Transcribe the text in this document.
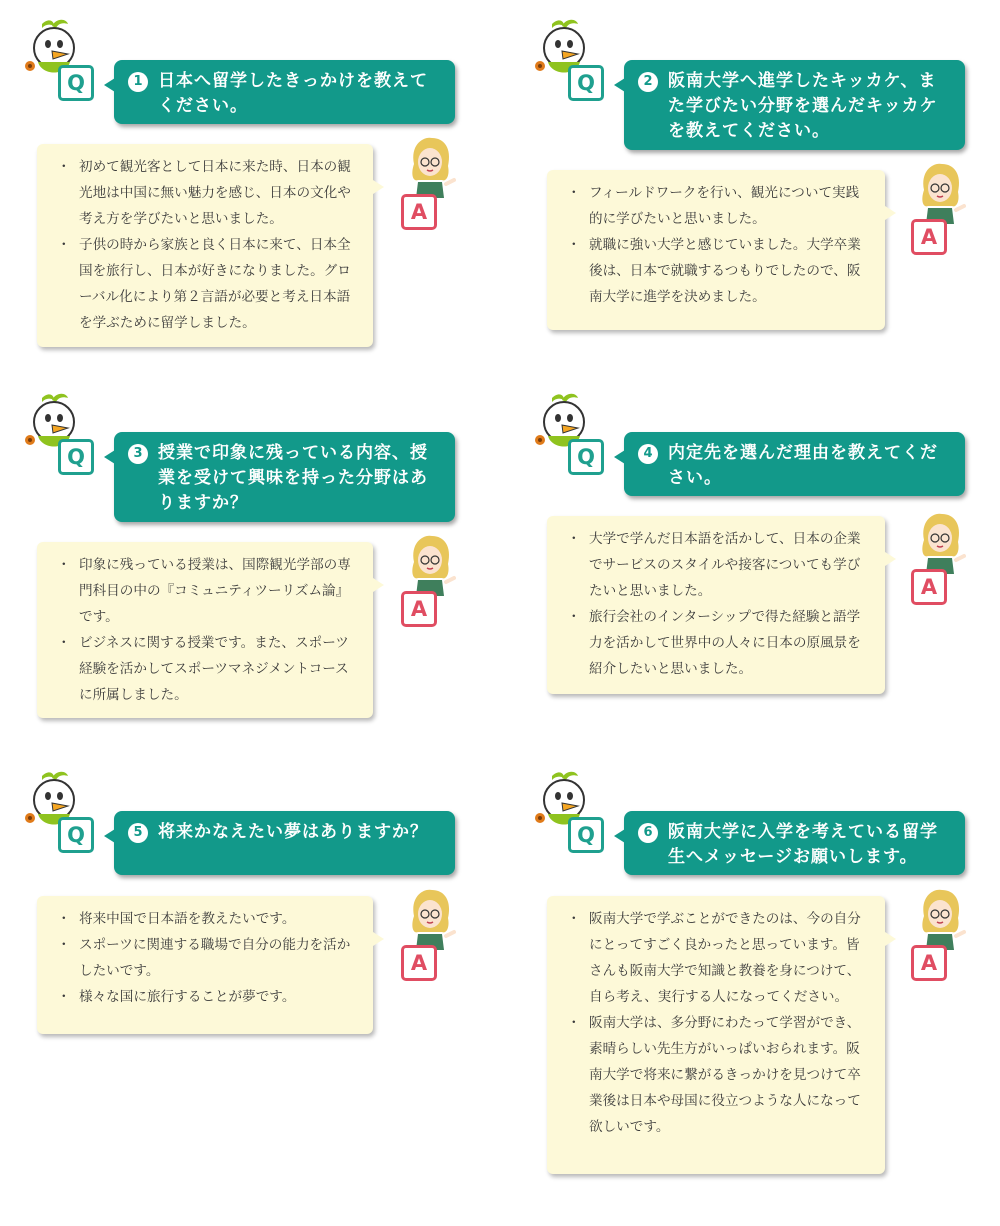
Q	1 日本へ留学したきっかけを教えてください。
・ 初めて観光客として日本に来た時、日本の観光地は中国に無い魅力を感じ、日本の文化や考え方を学びたいと思いました。
・ 子供の時から家族と良く日本に来て、日本全国を旅行し、日本が好きになりました。グローバル化により第２言語が必要と考え日本語を学ぶために留学しました。
A
Q	2 阪南大学へ進学したキッカケ、また学びたい分野を選んだキッカケを教えてください。
・ フィールドワークを行い、観光について実践的に学びたいと思いました。
・ 就職に強い大学と感じていました。大学卒業後は、日本で就職するつもりでしたので、阪南大学に進学を決めました。
A
Q	3 授業で印象に残っている内容、授業を受けて興味を持った分野はありますか？
・ 印象に残っている授業は、国際観光学部の専門科目の中の『コミュニティツーリズム論』です。
・ ビジネスに関する授業です。また、スポーツ経験を活かしてスポーツマネジメントコースに所属しました。
A
Q	4 内定先を選んだ理由を教えてください。
・ 大学で学んだ日本語を活かして、日本の企業でサービスのスタイルや接客についても学びたいと思いました。
・ 旅行会社のインターシップで得た経験と語学力を活かして世界中の人々に日本の原風景を紹介したいと思いました。
A
Q	5 将来かなえたい夢はありますか？
・ 将来中国で日本語を教えたいです。
・ スポーツに関連する職場で自分の能力を活かしたいです。
・ 様々な国に旅行することが夢です。
A
Q	6 阪南大学に入学を考えている留学生へメッセージお願いします。
・ 阪南大学で学ぶことができたのは、今の自分にとってすごく良かったと思っています。皆さんも阪南大学で知識と教養を身につけて、自ら考え、実行する人になってください。
・ 阪南大学は、多分野にわたって学習ができ、素晴らしい先生方がいっぱいおられます。阪南大学で将来に繋がるきっかけを見つけて卒業後は日本や母国に役立つような人になって欲しいです。
A
